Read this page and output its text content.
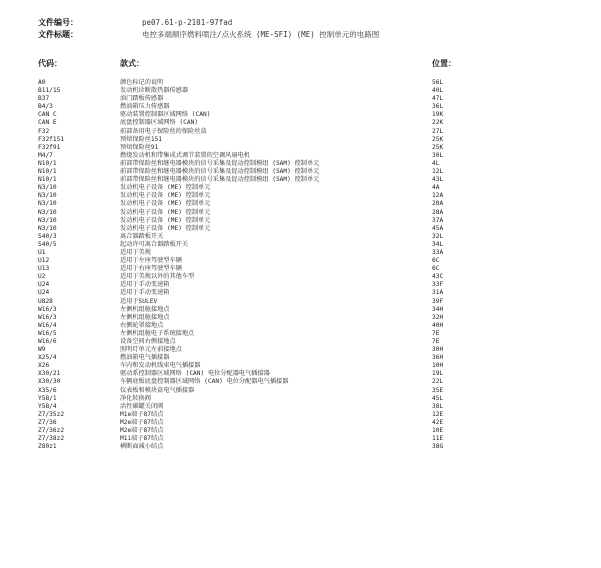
文件编号：	pe07.61-p-2101-97fad
文件标题：	电控多端顺序燃料喷注/点火系统 (ME-SFI) (ME) 控制单元的电路图
代码：	款式：	位置：
A0	颜色标记的说明	56L
B11/15	发动机诊断散热器传感器	40L
B37	油门踏板传感器	47L
B4/3	燃油箱压力传感器	36L
CAN C	驱动装置控制器区域网络 (CAN)	19K
CAN E	底盘控制器区域网络 (CAN)	22K
F32	前部备用电子保险丝的保险丝盒	27L
F32f151	预熔保险丝151	25K
F32f91	预熔保险丝91	25K
M4/7	燃烧发动机和带集成式调节装置的空调风扇电机	30L
N10/1	前部带保险丝和继电器模块的信号采集及促动控制模组 (SAM) 控制单元	4L
N10/1	前部带保险丝和继电器模块的信号采集及促动控制模组 (SAM) 控制单元	12L
N10/1	前部带保险丝和继电器模块的信号采集及促动控制模组 (SAM) 控制单元	43L
N3/10	发动机电子设备 (ME) 控制单元	4A
N3/10	发动机电子设备 (ME) 控制单元	12A
N3/10	发动机电子设备 (ME) 控制单元	20A
N3/10	发动机电子设备 (ME) 控制单元	28A
N3/10	发动机电子设备 (ME) 控制单元	37A
N3/10	发动机电子设备 (ME) 控制单元	45A
S40/3	离合器踏板开关	32L
S40/5	起动许可离合器踏板开关	34L
U1	适用于美规	33A
U12	适用于左座驾驶型车辆	6C
U13	适用于右座驾驶型车辆	6C
U2	适用于美规以外的其他车型	43C
U24	适用于手动变速箱	33F
U24	适用于手动变速箱	31A
U828	适用于SULEV	39F
W16/3	左侧机组舱接地点	34H
W16/3	左侧机组舱接地点	32H
W16/4	右侧轮罩接地点	40H
W16/5	左侧机组舱电子系统接地点	7E
W16/6	设备空间右侧接地点	7E
W9	照明灯单元左前接地点	30H
X25/4	燃油箱电气插接器	36H
X26	车内和发动机线束电气插接器	10H
X30/21	驱动系控制器区域网络 (CAN) 电位分配器电气插接器	19L
X30/30	车辆底板底盘控制器区域网络 (CAN) 电位分配器电气插接器	22L
X35/6	仪表板和模块盒电气插接器	35E
Y58/1	净化转换阀	45L
Y58/4	活性碳罐关闭阀	38L
Z7/35z2	M1e端子87结点	12E
Z7/36	M2e端子87结点	42E
Z7/36z2	M2e端子87结点	10E
Z7/38z2	M1i端子87结点	11E
Z80z1	横断面减小结点	38G
